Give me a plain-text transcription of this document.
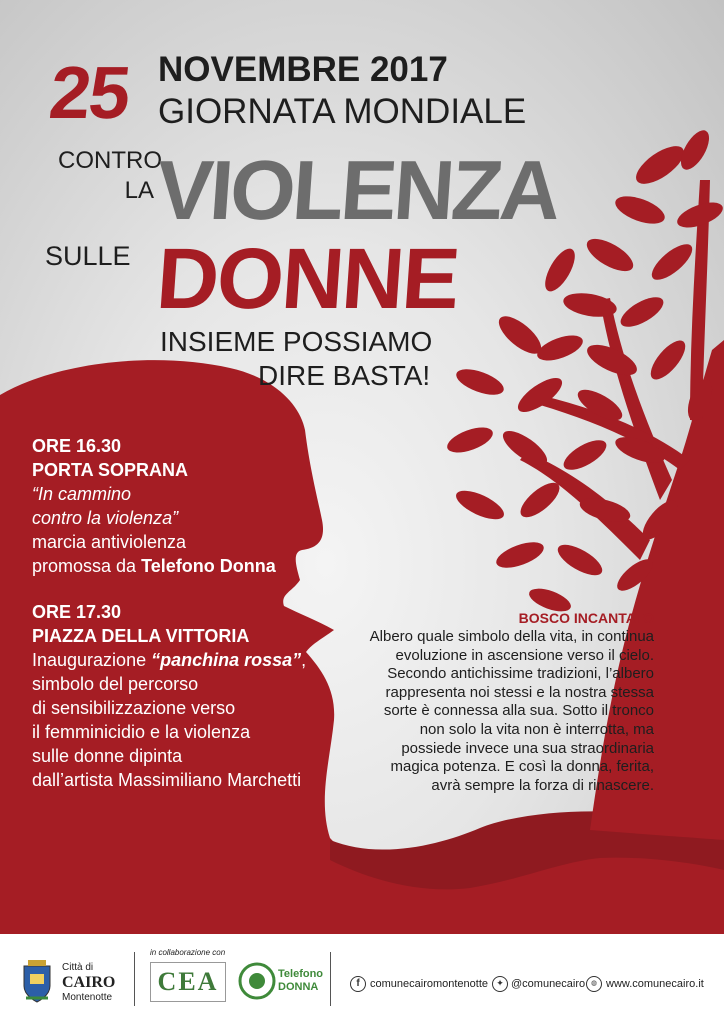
25 NOVEMBRE 2017
GIORNATA MONDIALE
CONTRO
LA VIOLENZA
SULLE DONNE
INSIEME POSSIAMO
DIRE BASTA!
ORE 16.30
PORTA SOPRANA
“In cammino
contro la violenza”
marcia antiviolenza
promossa da Telefono Donna
ORE 17.30
PIAZZA DELLA VITTORIA
Inaugurazione “panchina rossa”,
simbolo del percorso
di sensibilizzazione verso
il femminicidio e la violenza
sulle donne dipinta
dall’artista Massimiliano Marchetti
BOSCO INCANTATO
Albero quale simbolo della vita, in continua
evoluzione in ascensione verso il cielo.
Secondo antichissime tradizioni, l’albero
rappresenta noi stessi e la nostra stessa
sorte è connessa alla sua. Sotto il tronco
non solo la vita non è interrotta, ma
possiede invece una sua straordinaria
magica potenza. E così la donna, ferita,
avrà sempre la forza di rinascere.
Città di
CAIRO
Montenotte
in collaborazione con
CEA	Telefono
DONNA	f comunecairomontenotte ✦ @comunecairo ◍ www.comunecairo.it
